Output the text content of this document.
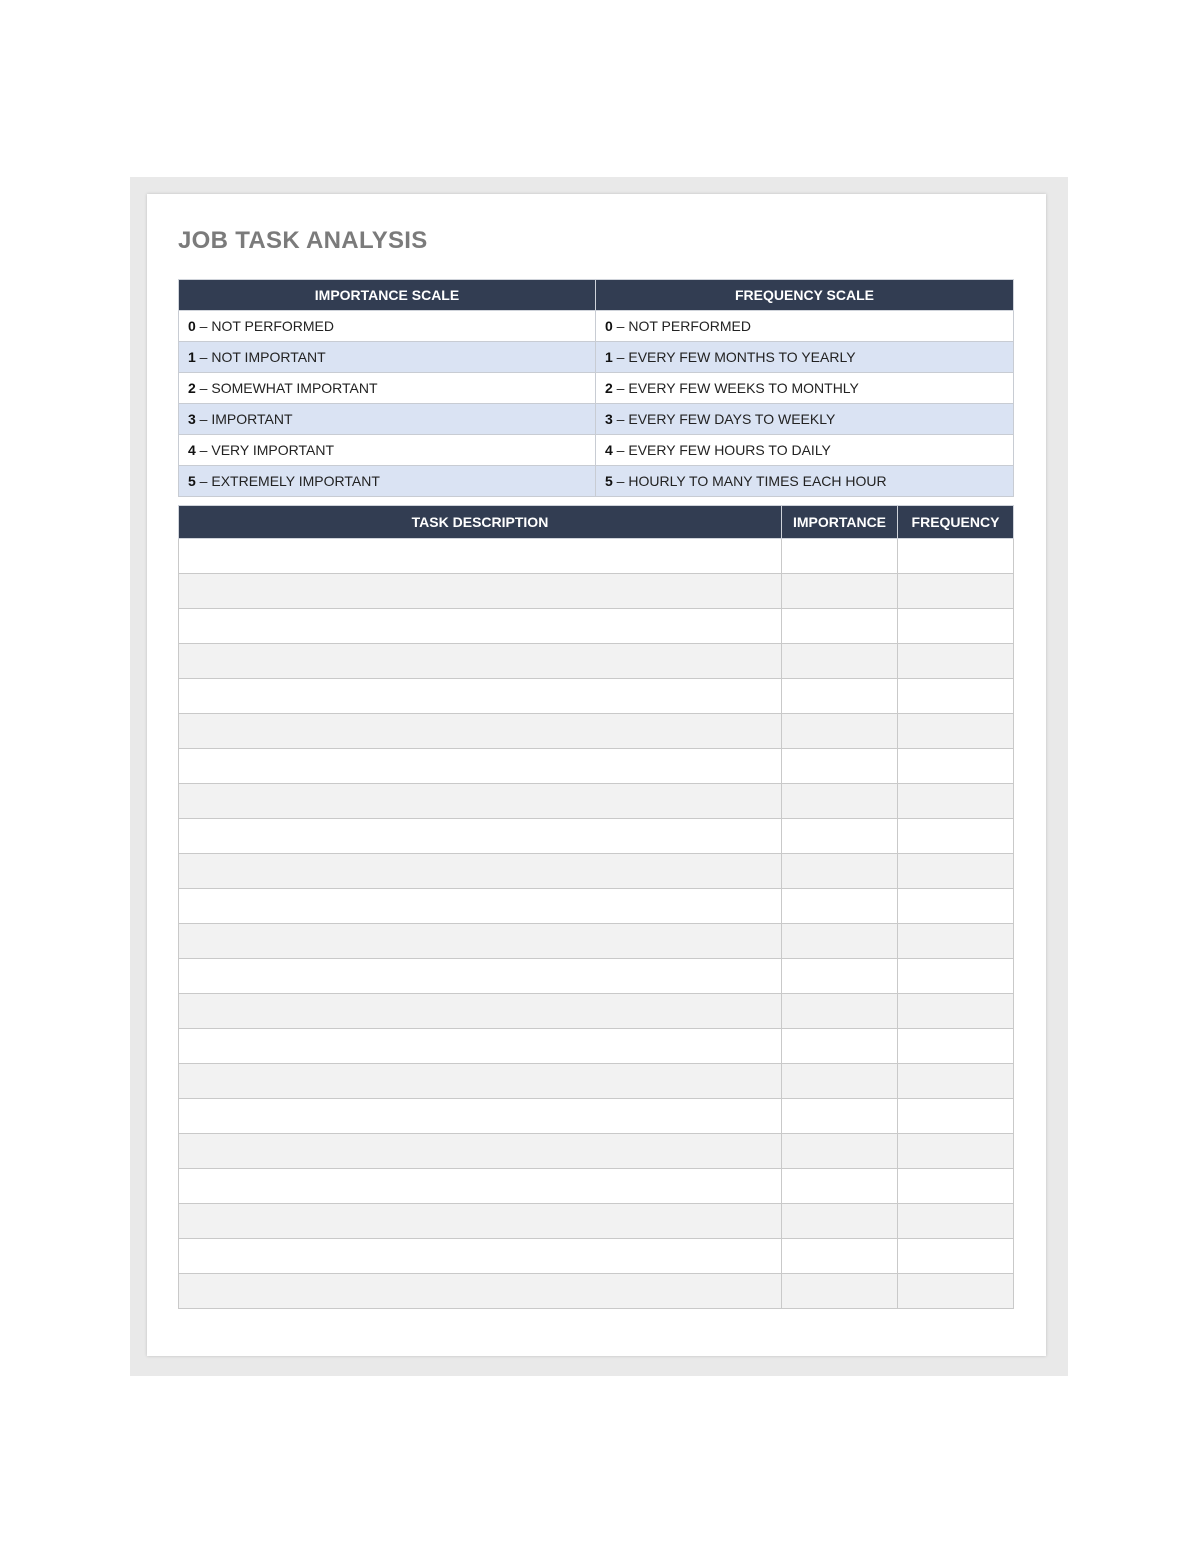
JOB TASK ANALYSIS
IMPORTANCE SCALE	FREQUENCY SCALE
0 – NOT PERFORMED	0 – NOT PERFORMED
1 – NOT IMPORTANT	1 – EVERY FEW MONTHS TO YEARLY
2 – SOMEWHAT IMPORTANT	2 – EVERY FEW WEEKS TO MONTHLY
3 – IMPORTANT	3 – EVERY FEW DAYS TO WEEKLY
4 – VERY IMPORTANT	4 – EVERY FEW HOURS TO DAILY
5 – EXTREMELY IMPORTANT	5 – HOURLY TO MANY TIMES EACH HOUR
TASK DESCRIPTION	IMPORTANCE	FREQUENCY
